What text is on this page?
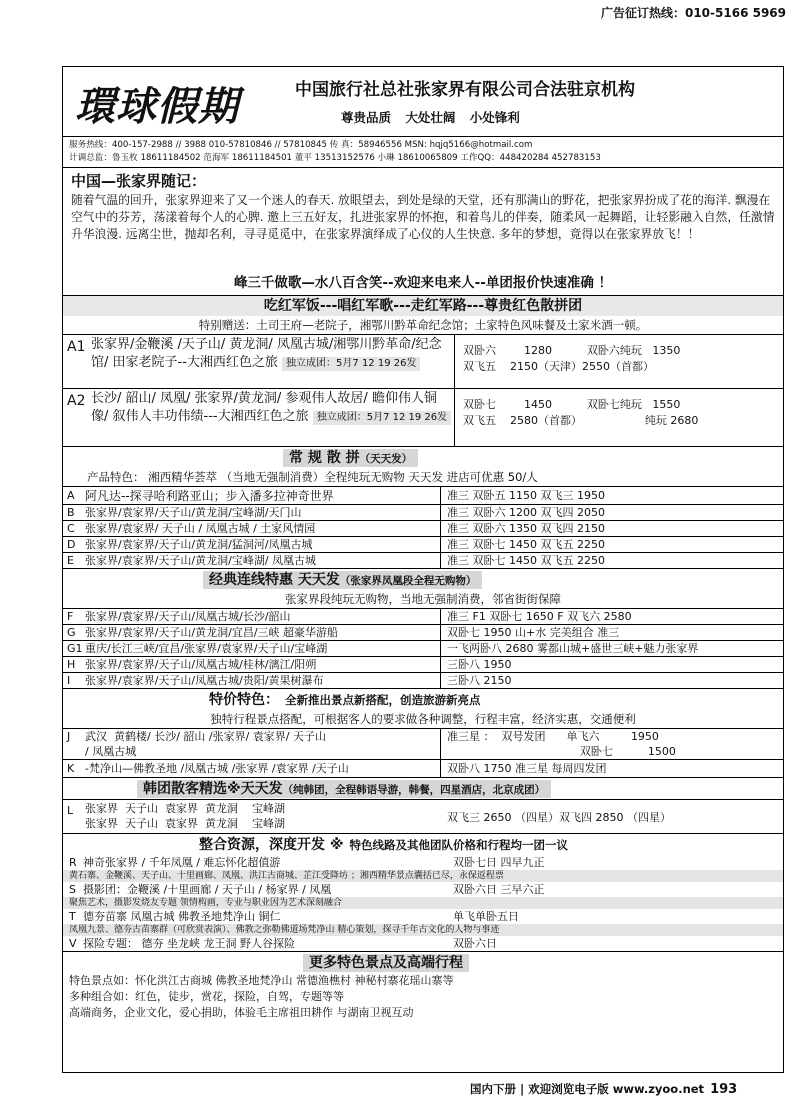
广告征订热线：010-5166 5969
環球假期	中国旅行社总社张家界有限公司合法驻京机构
尊贵品质 大处壮阔 小处锋利
服务热线：400-157-2988 // 3988 010-57810846 // 57810845 传 真：58946556 MSN: hqjq5166@hotmail.com
计调总监：鲁玉枚 18611184502 范海军 18611184501 董平 13513152576 小琳 18610065809 工作QQ：448420284 452783153
中国—张家界随记：
随着气温的回升，张家界迎来了又一个迷人的春天. 放眼望去，到处是绿的天堂，还有那满山的野花，把张家界扮成了花的海洋. 飘漫在空气中的芬芳，荡漾着每个人的心脾. 邀上三五好友，扎进张家界的怀抱，和着鸟儿的伴奏，随柔风一起舞蹈，让轻影融入自然，任激情升华浪漫. 远离尘世，抛却名利，寻寻觅觅中，在张家界演绎成了心仪的人生快意. 多年的梦想，竟得以在张家界放飞！！
峰三千做歌—水八百含笑--欢迎来电来人--单团报价快速准确 ！
吃红军饭---唱红军歌---走红军路---尊贵红色散拼团
特别赠送：土司王府—老院子，湘鄂川黔革命纪念馆；土家特色风味餐及土家米酒一顿。
A1 张家界/金鞭溪 /天子山/ 黄龙洞/ 凤凰古城/湘鄂川黔革命/纪念馆/ 田家老院子--大湘西红色之旅 独立成团：5月7 12 19 26发
双卧六        1280          双卧六纯玩   1350
双飞五    2150（天津）2550（首都）
A2 长沙/ 韶山/ 凤凰/ 张家界/黄龙洞/ 参观伟人故居/ 瞻仰伟人铜像/ 叙伟人丰功伟绩---大湘西红色之旅 独立成团：5月7 12 19 26发
双卧七        1450          双卧七纯玩   1550
双飞五    2580（首都）                  纯玩 2680
常 规 散 拼（天天发）
产品特色： 湘西精华荟萃 （当地无强制消费）全程纯玩无购物 天天发 进店可优惠 50/人
A 阿凡达--探寻哈利路亚山；步入潘多拉神奇世界	准三 双卧五 1150 双飞三 1950
B 张家界/袁家界/天子山/黄龙洞/宝峰湖/天门山	准三 双卧六 1200 双飞四 2050
C 张家界/袁家界/ 天子山 / 凤凰古城 / 土家风情园	准三 双卧六 1350 双飞四 2150
D 张家界/袁家界/天子山/黄龙洞/猛洞河/凤凰古城	准三 双卧七 1450 双飞五 2250
E	张家界/袁家界/天子山/黄龙洞/宝峰湖/ 凤凰古城	准三 双卧七 1450 双飞五 2250
经典连线特惠 天天发（张家界凤凰段全程无购物）
张家界段纯玩无购物，当地无强制消费，邻省街街保障
F	张家界/袁家界/天子山/凤凰古城/长沙/韶山	准三 F1 双卧七 1650 F 双飞六 2580
G 张家界/袁家界/天子山/黄龙洞/宜昌/三峡 超豪华游船	双卧七 1950 山+水 完美组合 准三
G1 重庆/长江三峡/宜昌/张家界/袁家界/天子山/宝峰湖	一飞两卧八 2680 雾都山城+盛世三峡+魅力张家界
H 张家界/袁家界/天子山/凤凰古城/桂林/漓江/阳朔	三卧八 1950
I	张家界/袁家界/天子山/凤凰古城/贵阳/黄果树瀑布	三卧八 2150
特价特色： 全新推出景点新搭配，创造旅游新亮点
独特行程景点搭配，可根据客人的要求做各种调整，行程丰富，经济实惠，交通便利
J	武汉  黄鹤楼/ 长沙/ 韶山 /张家界/ 袁家界/ 天子山
/ 凤凰古城
准三星 ：  双号发团      单飞六         1950
双卧七          1500
K -梵净山—佛教圣地 /凤凰古城 /张家界 /袁家界 /天子山	双卧八 1750 准三星 每周四发团
韩团散客精选※天天发（纯韩团，全程韩语导游，韩餐，四星酒店，北京成团）
L	张家界  天子山  袁家界  黄龙洞    宝峰湖
张家界  天子山  袁家界  黄龙洞    宝峰湖	双飞三 2650 （四星）双飞四 2850 （四星）
整合资源，深度开发 ※ 特色线路及其他团队价格和行程均一团一议
R 神奇张家界 / 千年凤凰 / 难忘怀化超值游	双卧七日 四早九正
黄石寨、金鞭溪、天子山、十里画廊、凤凰、洪江古商城、芷江受降坊 ；湘西精华景点囊括已尽，永保返程票
S 摄影团：金鞭溪 /十里画廊 / 天子山 / 杨家界 / 凤凰	双卧六日 三早六正
聚焦艺术，摄影发烧友专题 领情构画，专业与职业因为艺术深刻融合
T 德夯苗寨 凤凰古城 佛教圣地梵净山 铜仁	单飞单卧五日
凤凰九景、德夯古苗寨群（可欣赏表演）、佛教之弥勒佛道场梵净山 精心策划，探寻千年古文化的人物与事迹
V 探险专题： 德夯 坐龙峡 龙王洞 野人谷探险	双卧六日
更多特色景点及高端行程
特色景点如：怀化洪江古商城 佛教圣地梵净山 常德渔樵村 神秘村寨花瑶山寨等
多种组合如：红色，徒步，赏花，探险，自驾，专题等等
高端商务，企业文化，爱心捐助，体验毛主席祖田耕作 与湖南卫视互动
国内下册 | 欢迎浏览电子版 www.zyoo.net 193
